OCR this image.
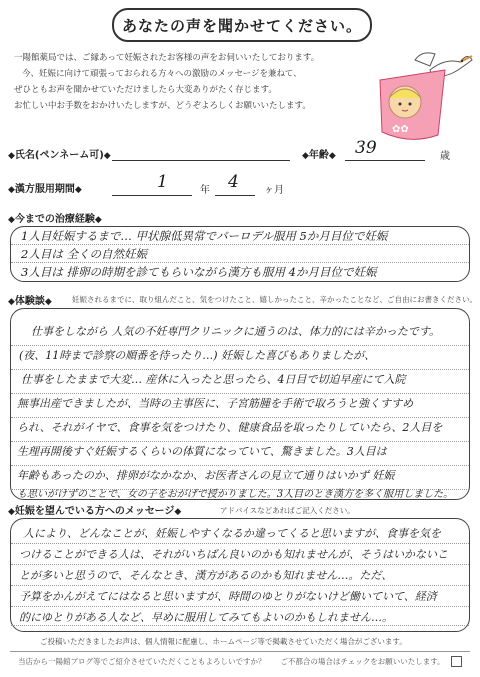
あなたの声を聞かせてください。
一陽館薬局では、ご縁あって妊娠されたお客様の声をお伺いいたしております。
今、妊娠に向けて頑張っておられる方々への激励のメッセージを兼ねて、
ぜひともお声を聞かせていただけましたら大変ありがたく存じます。
お忙しい中お手数をおかけいたしますが、どうぞよろしくお願いいたします。
✿✿
◆氏名(ペンネーム可)◆	◆年齢◆ 39	歳
◆漢方服用期間◆	1	年 4	ヶ月
◆今までの治療経験◆
1人目妊娠するまで… 甲状腺低異常でパーロデル服用 5か月目位で妊娠
2人目は 全くの自然妊娠
3人目は 排卵の時期を診てもらいながら漢方も服用 4か月目位で妊娠
◆体験談◆	妊娠されるまでに、取り組んだこと、気をつけたこと、嬉しかったこと、辛かったことなど、ご自由にお書きください。
仕事をしながら 人気の不妊専門クリニックに通うのは、体力的には辛かったです。
(夜、11時まで診察の順番を待ったり…) 妊娠した喜びもありましたが、
仕事をしたままで大変… 産休に入ったと思ったら、4日目で切迫早産にて入院
無事出産できましたが、当時の主事医に、子宮筋腫を手術で取ろうと強くすすめ
られ、それがイヤで、食事を気をつけたり、健康食品を取ったりしていたら、2人目を
生理再開後すぐ妊娠するくらいの体質になっていて、驚きました。3人目は
年齢もあったのか、排卵がなかなか、お医者さんの見立て通りはいかず 妊娠
も思いがけずのことで、女の子をおがげで授かりました。3人目のとき漢方を多く服用しました。
◆妊娠を望んでいる方へのメッセージ◆	アドバイスなどあればご記入ください。
人により、どんなことが、妊娠しやすくなるか違ってくると思いますが、食事を気を
つけることができる人は、それがいちばん良いのかも知れませんが、そうはいかないこ
とが多いと思うので、そんなとき、漢方があるのかも知れません…。ただ、
予算をかんがえてにはなると思いますが、時間のゆとりがないけど働いていて、経済
的にゆとりがある人など、早めに服用してみてもよいのかもしれません…。
ご投稿いただきましたお声は、個人情報に配慮し、ホームページ等で掲載させていただく場合がございます。
当店から一陽館ブログ等でご紹介させていただくこともよろしいですか？ ご不都合の場合はチェックをお願いいたします。
